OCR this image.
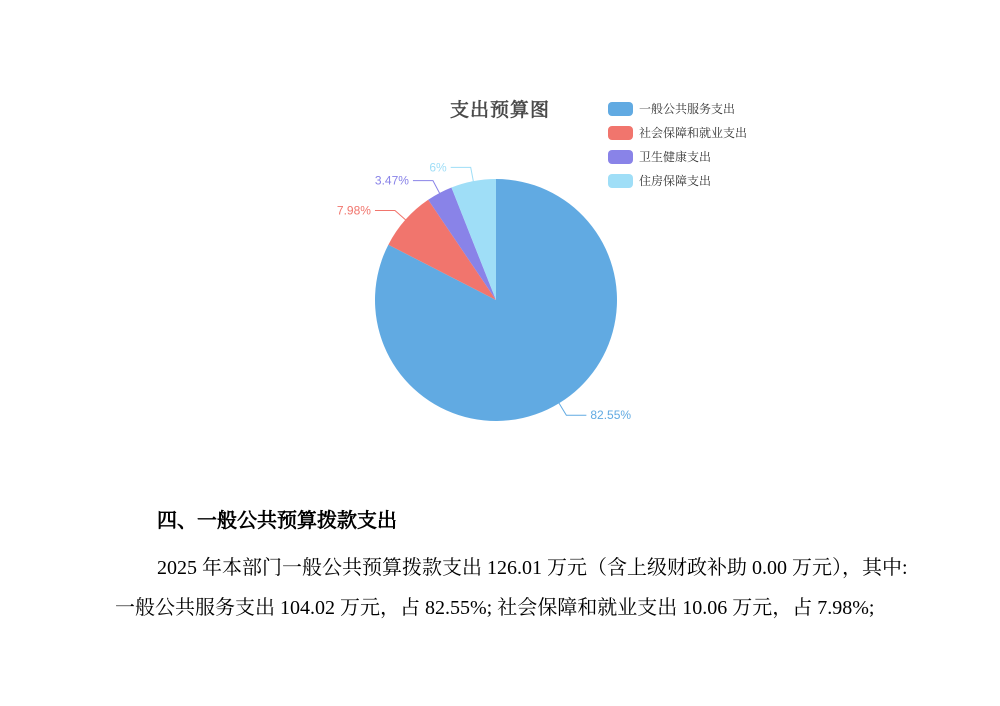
支出预算图	一般公共服务支出
社会保障和就业支出
卫生健康支出
住房保障支出
82.55%
7.98%
3.47%
6%
四、一般公共预算拨款支出
2025 年本部门一般公共预算拨款支出 126.01 万元（含上级财政补助 0.00 万元），其中:
一般公共服务支出 104.02 万元，占 82.55%; 社会保障和就业支出 10.06 万元，占 7.98%;
